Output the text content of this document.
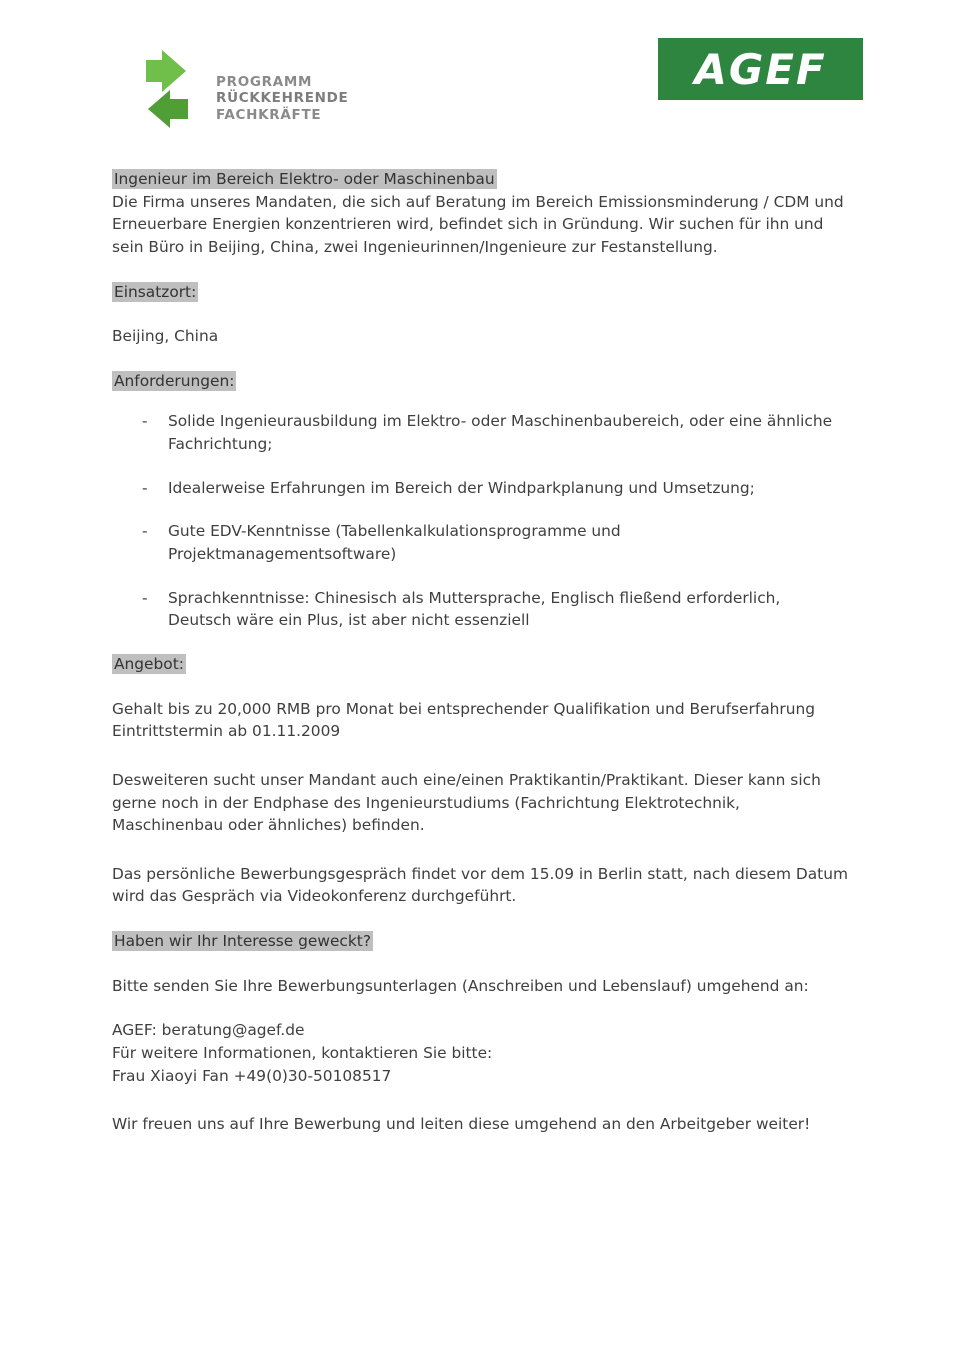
PROGRAMM
RÜCKKEHRENDE
FACHKRÄFTE
AGEF
Ingenieur im Bereich Elektro- oder Maschinenbau
Die Firma unseres Mandaten, die sich auf Beratung im Bereich Emissionsminderung / CDM und Erneuerbare Energien konzentrieren wird, befindet sich in Gründung. Wir suchen für ihn und sein Büro in Beijing, China, zwei Ingenieurinnen/Ingenieure zur Festanstellung.
Einsatzort:
Beijing, China
Anforderungen:
-	Solide Ingenieurausbildung im Elektro- oder Maschinenbaubereich, oder eine ähnliche Fachrichtung;
-	Idealerweise Erfahrungen im Bereich der Windparkplanung und Umsetzung;
-	Gute EDV-Kenntnisse (Tabellenkalkulationsprogramme und Projektmanagementsoftware)
-	Sprachkenntnisse: Chinesisch als Muttersprache, Englisch fließend erforderlich, Deutsch wäre ein Plus, ist aber nicht essenziell
Angebot:
Gehalt bis zu 20,000 RMB pro Monat bei entsprechender Qualifikation und Berufserfahrung
Eintrittstermin ab 01.11.2009
Desweiteren sucht unser Mandant auch eine/einen Praktikantin/Praktikant. Dieser kann sich gerne noch in der Endphase des Ingenieurstudiums (Fachrichtung Elektrotechnik, Maschinenbau oder ähnliches) befinden.
Das persönliche Bewerbungsgespräch findet vor dem 15.09 in Berlin statt, nach diesem Datum wird das Gespräch via Videokonferenz durchgeführt.
Haben wir Ihr Interesse geweckt?
Bitte senden Sie Ihre Bewerbungsunterlagen (Anschreiben und Lebenslauf) umgehend an:
AGEF: beratung@agef.de
Für weitere Informationen, kontaktieren Sie bitte:
Frau Xiaoyi Fan +49(0)30-50108517
Wir freuen uns auf Ihre Bewerbung und leiten diese umgehend an den Arbeitgeber weiter!
